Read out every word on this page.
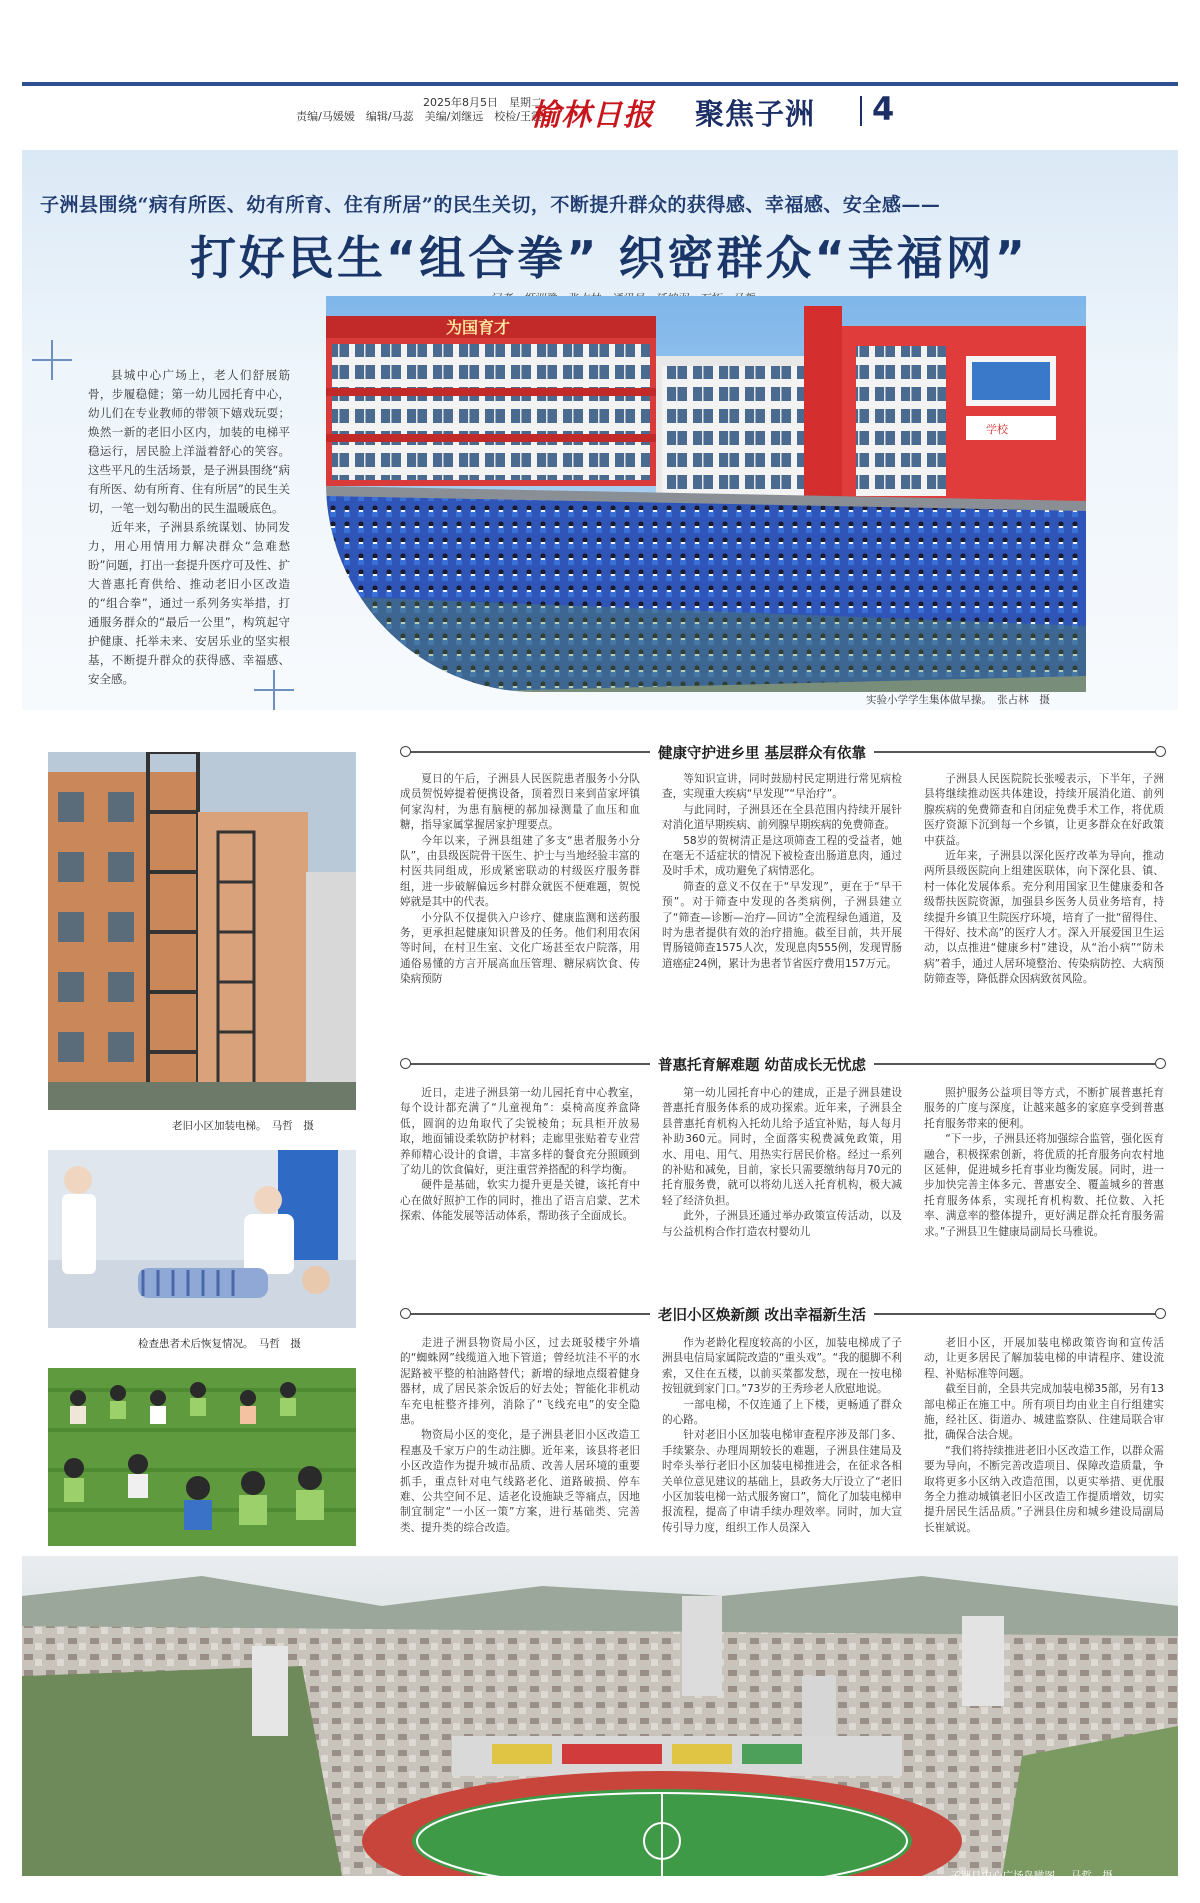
2025年8月5日　星期二
责编/马媛媛　编辑/马蕊　美编/刘继远　校检/王震
榆林日报 聚焦子洲 4
子洲县围绕“病有所医、幼有所育、住有所居”的民生关切，不断提升群众的获得感、幸福感、安全感——
打好民生“组合拳” 织密群众“幸福网”

县城中心广场上，老人们舒展筋骨，步履稳健；第一幼儿园托育中心，幼儿们在专业教师的带领下嬉戏玩耍；焕然一新的老旧小区内，加装的电梯平稳运行，居民脸上洋溢着舒心的笑容。这些平凡的生活场景，是子洲县围绕“病有所医、幼有所育、住有所居”的民生关切，一笔一划勾勒出的民生温暖底色。

近年来，子洲县系统谋划、协同发力，用心用情用力解决群众“急难愁盼”问题，打出一套提升医疗可及性、扩大普惠托育供给、推动老旧小区改造的“组合拳”，通过一系列务实举措，打通服务群众的“最后一公里”，构筑起守护健康、托举未来、安居乐业的坚实根基，不断提升群众的获得感、幸福感、安全感。

为国育才
学校
实验小学学生集体做早操。　张占林　摄
老旧小区加装电梯。　马哲　摄
检查患者术后恢复情况。　马哲　摄
健康守护进乡里 基层群众有依靠

夏日的午后，子洲县人民医院患者服务小分队成员贺悦婷提着便携设备，顶着烈日来到苗家坪镇何家沟村，为患有脑梗的郝加禄测量了血压和血糖，指导家属掌握居家护理要点。

今年以来，子洲县组建了多支“患者服务小分队”，由县级医院骨干医生、护士与当地经验丰富的村医共同组成，形成紧密联动的村级医疗服务群组，进一步破解偏远乡村群众就医不便难题，贺悦婷就是其中的代表。

小分队不仅提供入户诊疗、健康监测和送药服务，更承担起健康知识普及的任务。他们利用农闲等时间，在村卫生室、文化广场甚至农户院落，用通俗易懂的方言开展高血压管理、糖尿病饮食、传染病预防

等知识宣讲，同时鼓励村民定期进行常见病检查，实现重大疾病“早发现”“早治疗”。

与此同时，子洲县还在全县范围内持续开展针对消化道早期疾病、前列腺早期疾病的免费筛查。

58岁的贺树清正是这项筛查工程的受益者，她在毫无不适症状的情况下被检查出肠道息肉，通过及时手术，成功避免了病情恶化。

筛查的意义不仅在于“早发现”，更在于“早干预”。对于筛查中发现的各类病例，子洲县建立了“筛查—诊断—治疗—回访”全流程绿色通道，及时为患者提供有效的治疗措施。截至目前，共开展胃肠镜筛查1575人次，发现息肉555例，发现胃肠道癌症24例，累计为患者节省医疗费用157万元。

子洲县人民医院院长张嗳表示，下半年，子洲县将继续推动医共体建设，持续开展消化道、前列腺疾病的免费筛查和自闭症免费手术工作，将优质医疗资源下沉到每一个乡镇，让更多群众在好政策中获益。

近年来，子洲县以深化医疗改革为导向，推动两所县级医院向上组建医联体，向下深化县、镇、村一体化发展体系。充分利用国家卫生健康委和各级帮扶医院资源，加强县乡医务人员业务培育，持续提升乡镇卫生院医疗环境，培育了一批“留得住、干得好、技术高”的医疗人才。深入开展爱国卫生运动，以点推进“健康乡村”建设，从“治小病”“防未病”着手，通过人居环境整治、传染病防控、大病预防筛查等，降低群众因病致贫风险。

普惠托育解难题 幼苗成长无忧虑

近日，走进子洲县第一幼儿园托育中心教室，每个设计都充满了“儿童视角”：桌椅高度养盒降低，圆润的边角取代了尖锐棱角；玩具柜开放易取，地面铺设柔软防护材料；走廊里张贴着专业营养师精心设计的食谱，丰富多样的餐食充分照顾到了幼儿的饮食偏好，更注重营养搭配的科学均衡。

硬件是基础，软实力提升更是关键，该托育中心在做好照护工作的同时，推出了语言启蒙、艺术探索、体能发展等活动体系，帮助孩子全面成长。

第一幼儿园托育中心的建成，正是子洲县建设普惠托育服务体系的成功探索。近年来，子洲县全县普惠托育机构入托幼儿给予适宜补贴，每人每月补助360元。同时，全面落实税费减免政策，用水、用电、用气、用热实行居民价格。经过一系列的补贴和减免，目前，家长只需要缴纳每月70元的托育服务费，就可以将幼儿送入托育机构，极大减轻了经济负担。

此外，子洲县还通过举办政策宣传活动，以及与公益机构合作打造农村婴幼儿

照护服务公益项目等方式，不断扩展普惠托育服务的广度与深度，让越来越多的家庭享受到普惠托育服务带来的便利。

“下一步，子洲县还将加强综合监管，强化医育融合，积极探索创新，将优质的托育服务向农村地区延伸，促进城乡托育事业均衡发展。同时，进一步加快完善主体多元、普惠安全、覆盖城乡的普惠托育服务体系，实现托育机构数、托位数、入托率、满意率的整体提升，更好满足群众托育服务需求。”子洲县卫生健康局副局长马雅说。

老旧小区焕新颜 改出幸福新生活

走进子洲县物资局小区，过去斑驳楼宇外墙的“蜘蛛网”线缆道入地下管道；曾经坑洼不平的水泥路被平整的柏油路替代；新增的绿地点缀着健身器材，成了居民茶余饭后的好去处；智能化非机动车充电桩整齐排列，消除了“飞线充电”的安全隐患。

物资局小区的变化，是子洲县老旧小区改造工程惠及千家万户的生动注脚。近年来，该县将老旧小区改造作为提升城市品质、改善人居环境的重要抓手，重点针对电气线路老化、道路破损、停车难、公共空间不足、适老化设施缺乏等痛点，因地制宜制定“一小区一策”方案，进行基础类、完善类、提升类的综合改造。

作为老龄化程度较高的小区，加装电梯成了子洲县电信局家属院改造的“重头戏”。“我的腿脚不利索，又住在五楼，以前买菜都发愁，现在一按电梯按钮就到家门口。”73岁的王秀珍老人欣慰地说。

一部电梯，不仅连通了上下楼，更畅通了群众的心路。

针对老旧小区加装电梯审查程序涉及部门多、手续繁杂、办理周期较长的难题，子洲县住建局及时牵头举行老旧小区加装电梯推进会，在征求各相关单位意见建议的基础上，县政务大厅设立了“老旧小区加装电梯一站式服务窗口”，简化了加装电梯申报流程，提高了申请手续办理效率。同时，加大宣传引导力度，组织工作人员深入

老旧小区，开展加装电梯政策咨询和宣传活动，让更多居民了解加装电梯的申请程序、建设流程、补贴标准等问题。

截至目前，全县共完成加装电梯35部，另有13部电梯正在施工中。所有项目均由业主自行组建实施，经社区、街道办、城建监察队、住建局联合审批，确保合法合规。

“我们将持续推进老旧小区改造工作，以群众需要为导向，不断完善改造项目、保障改造质量，争取将更多小区纳入改造范围，以更实举措、更优服务全力推动城镇老旧小区改造工作提质增效，切实提升居民生活品质。”子洲县住房和城乡建设局副局长崔斌说。

子洲县中心广场鸟瞰图。　马哲　摄
